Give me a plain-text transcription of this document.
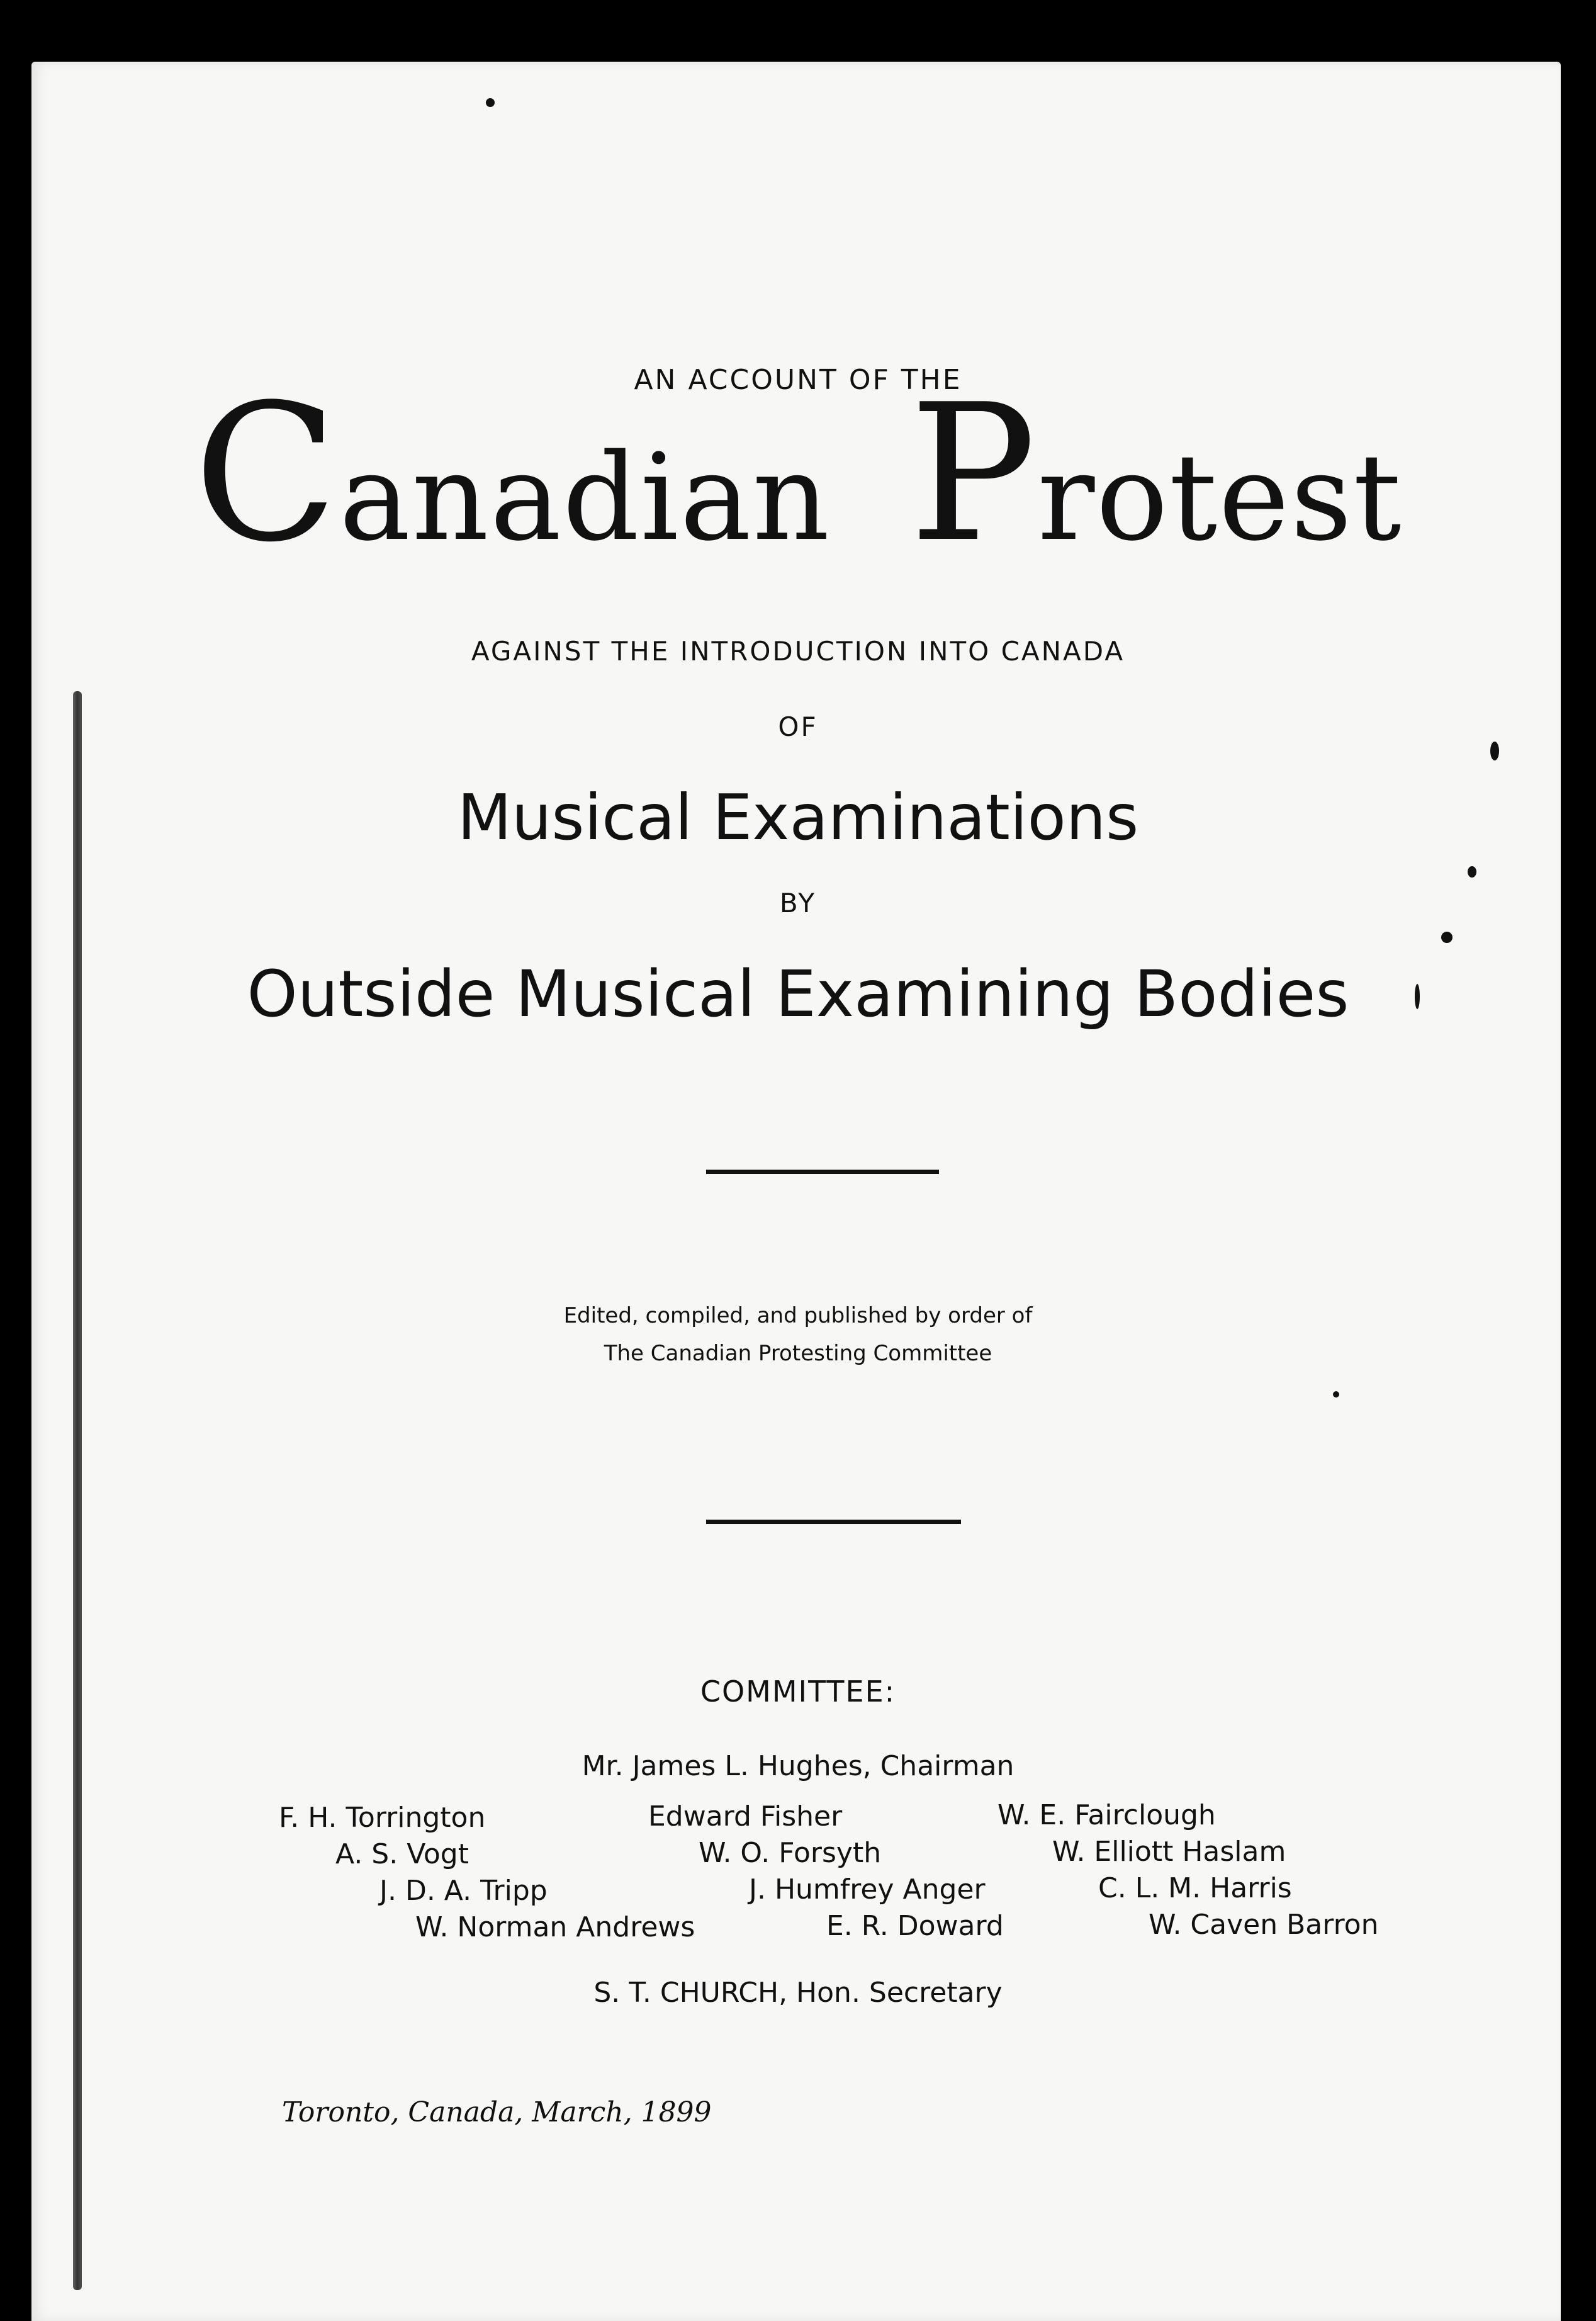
AN ACCOUNT OF THE
Canadian Protest
AGAINST THE INTRODUCTION INTO CANADA
OF
Musical Examinations
BY
Outside Musical Examining Bodies
Edited, compiled, and published by order of
The Canadian Protesting Committee
COMMITTEE:
Mr. James L. Hughes, Chairman
F. H. Torrington
A. S. Vogt
J. D. A. Tripp
W. Norman Andrews
Edward Fisher
W. O. Forsyth
J. Humfrey Anger
E. R. Doward
W. E. Fairclough
W. Elliott Haslam
C. L. M. Harris
W. Caven Barron
S. T. CHURCH, Hon. Secretary
Toronto, Canada, March, 1899
